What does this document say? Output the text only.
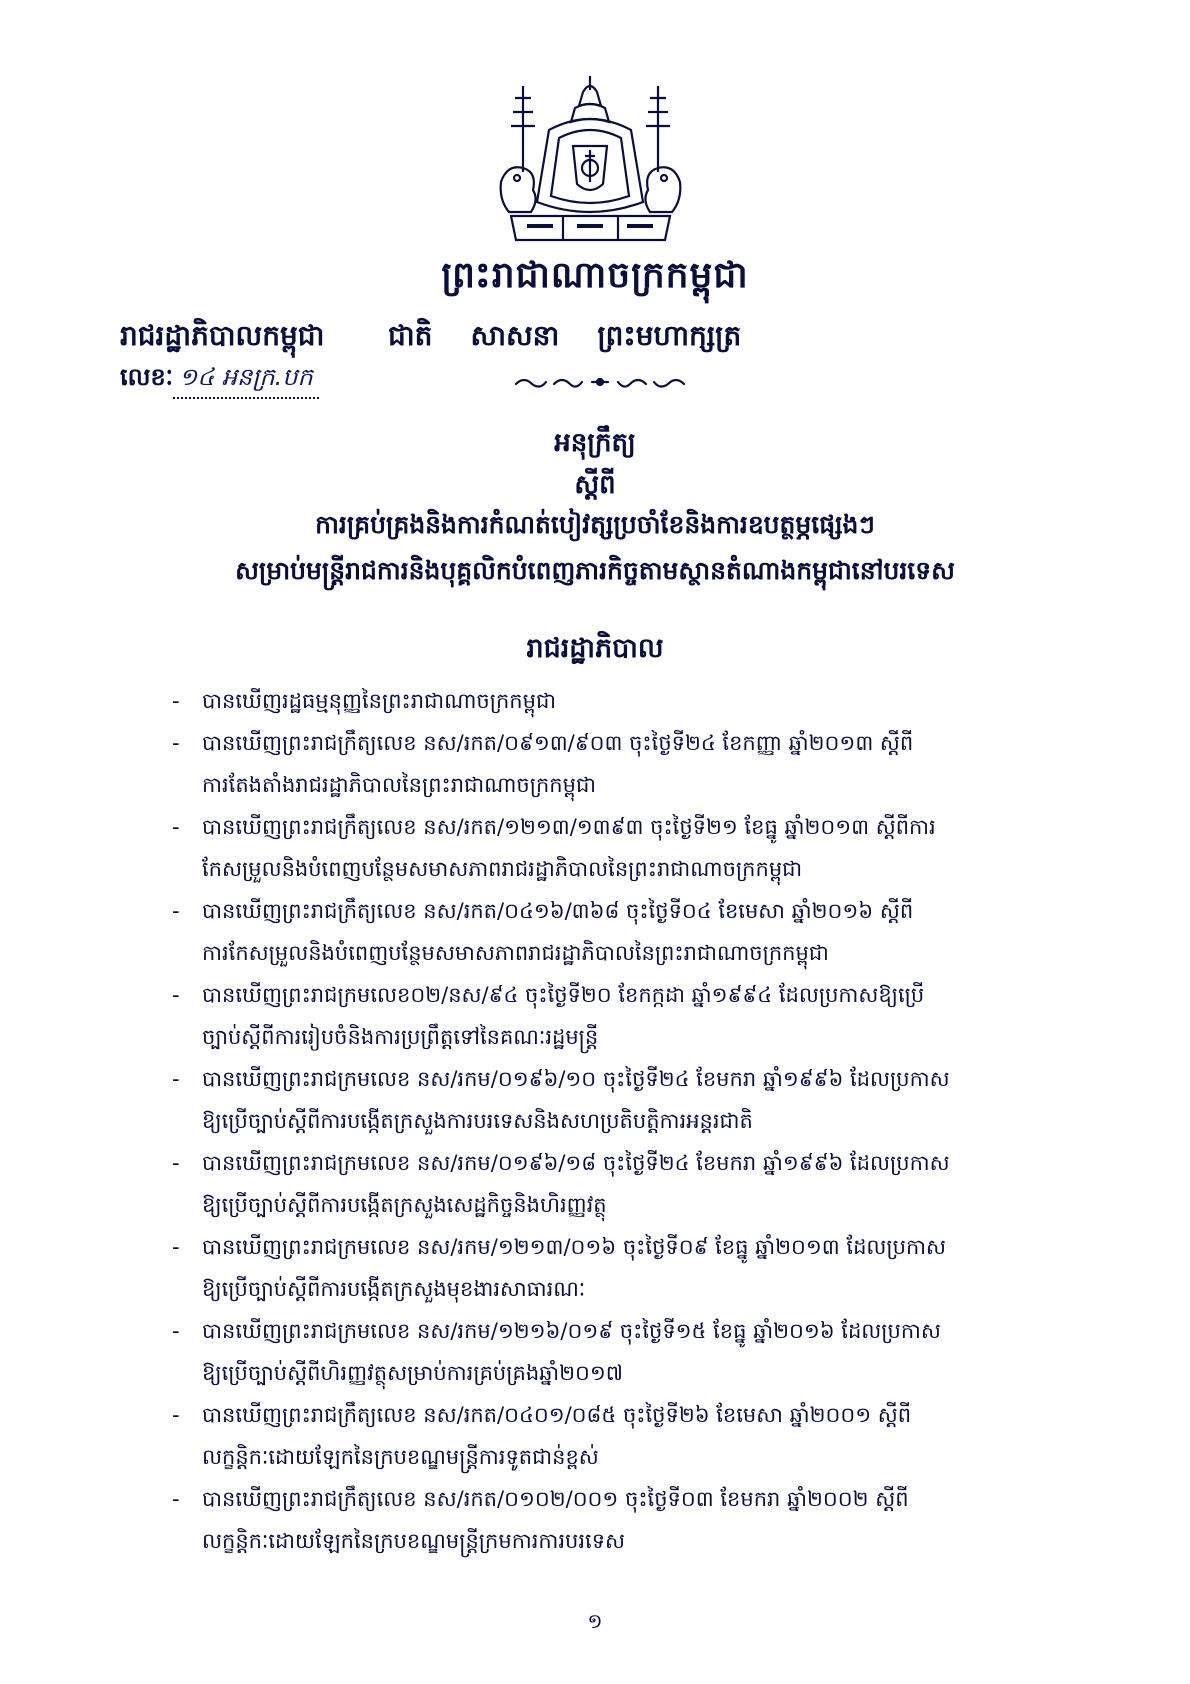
ព្រះរាជាណាចក្រកម្ពុជា
រាជរដ្ឋាភិបាលកម្ពុជា ជាតិ សាសនា ព្រះមហាក្សត្រ
លេខៈ ១៤ អនក្រ.បក
អនុក្រឹត្យ
ស្តីពី
ការគ្រប់គ្រងនិងការកំណត់បៀវត្សប្រចាំខែនិងការឧបត្ថម្ភផ្សេងៗ
សម្រាប់មន្ត្រីរាជការនិងបុគ្គលិកបំពេញភារកិច្ចតាមស្ថានតំណាងកម្ពុជានៅបរទេស
រាជរដ្ឋាភិបាល
- បានឃើញរដ្ឋធម្មនុញ្ញនៃព្រះរាជាណាចក្រកម្ពុជា
- បានឃើញព្រះរាជក្រឹត្យលេខ នស/រកត/០៩១៣/៩០៣ ចុះថ្ងៃទី២៤ ខែកញ្ញា ឆ្នាំ២០១៣ ស្តីពី
ការតែងតាំងរាជរដ្ឋាភិបាលនៃព្រះរាជាណាចក្រកម្ពុជា
- បានឃើញព្រះរាជក្រឹត្យលេខ នស/រកត/១២១៣/១៣៩៣ ចុះថ្ងៃទី២១ ខែធ្នូ ឆ្នាំ២០១៣ ស្តីពីការ
កែសម្រួលនិងបំពេញបន្ថែមសមាសភាពរាជរដ្ឋាភិបាលនៃព្រះរាជាណាចក្រកម្ពុជា
- បានឃើញព្រះរាជក្រឹត្យលេខ នស/រកត/០៤១៦/៣៦៨ ចុះថ្ងៃទី០៤ ខែមេសា ឆ្នាំ២០១៦ ស្តីពី
ការកែសម្រួលនិងបំពេញបន្ថែមសមាសភាពរាជរដ្ឋាភិបាលនៃព្រះរាជាណាចក្រកម្ពុជា
- បានឃើញព្រះរាជក្រមលេខ០២/នស/៩៤ ចុះថ្ងៃទី២០ ខែកក្កដា ឆ្នាំ១៩៩៤ ដែលប្រកាសឱ្យប្រើ
ច្បាប់ស្តីពីការរៀបចំនិងការប្រព្រឹត្តទៅនៃគណៈរដ្ឋមន្ត្រី
- បានឃើញព្រះរាជក្រមលេខ នស/រកម/០១៩៦/១០ ចុះថ្ងៃទី២៤ ខែមករា ឆ្នាំ១៩៩៦ ដែលប្រកាស
ឱ្យប្រើច្បាប់ស្តីពីការបង្កើតក្រសួងការបរទេសនិងសហប្រតិបត្តិការអន្តរជាតិ
- បានឃើញព្រះរាជក្រមលេខ នស/រកម/០១៩៦/១៨ ចុះថ្ងៃទី២៤ ខែមករា ឆ្នាំ១៩៩៦ ដែលប្រកាស
ឱ្យប្រើច្បាប់ស្តីពីការបង្កើតក្រសួងសេដ្ឋកិច្ចនិងហិរញ្ញវត្ថុ
- បានឃើញព្រះរាជក្រមលេខ នស/រកម/១២១៣/០១៦ ចុះថ្ងៃទី០៩ ខែធ្នូ ឆ្នាំ២០១៣ ដែលប្រកាស
ឱ្យប្រើច្បាប់ស្តីពីការបង្កើតក្រសួងមុខងារសាធារណៈ
- បានឃើញព្រះរាជក្រមលេខ នស/រកម/១២១៦/០១៩ ចុះថ្ងៃទី១៥ ខែធ្នូ ឆ្នាំ២០១៦ ដែលប្រកាស
ឱ្យប្រើច្បាប់ស្តីពីហិរញ្ញវត្ថុសម្រាប់ការគ្រប់គ្រងឆ្នាំ២០១៧
- បានឃើញព្រះរាជក្រឹត្យលេខ នស/រកត/០៤០១/០៨៥ ចុះថ្ងៃទី២៦ ខែមេសា ឆ្នាំ២០០១ ស្តីពី
លក្ខន្តិកៈដោយឡែកនៃក្របខណ្ឌមន្ត្រីការទូតជាន់ខ្ពស់
- បានឃើញព្រះរាជក្រឹត្យលេខ នស/រកត/០១០២/០០១ ចុះថ្ងៃទី០៣ ខែមករា ឆ្នាំ២០០២ ស្តីពី
លក្ខន្តិកៈដោយឡែកនៃក្របខណ្ឌមន្ត្រីក្រមការការបរទេស
១
